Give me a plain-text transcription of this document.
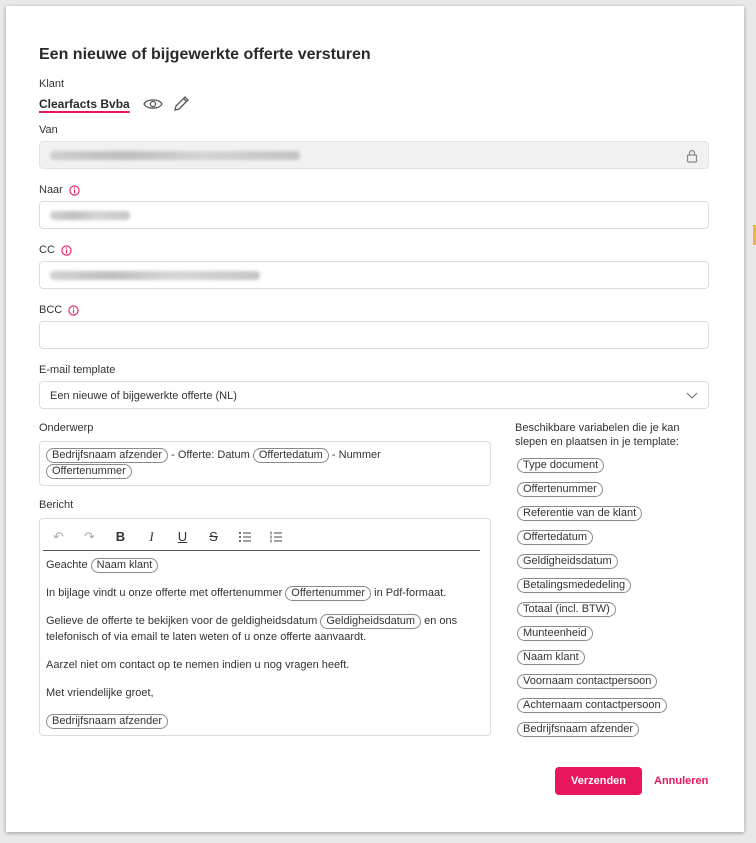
Een nieuwe of bijgewerkte offerte versturen
Klant
Clearfacts Bvba
Van
Naar
CC
BCC
E-mail template
Een nieuwe of bijgewerkte offerte (NL)
Onderwerp
Bedrijfsnaam afzender - Offerte: Datum Offertedatum - Nummer
Offertenummer
Bericht
↶	↷	B	I	U	S

Geachte Naam klant

In bijlage vindt u onze offerte met offertenummer Offertenummer in Pdf-formaat.

Gelieve de offerte te bekijken voor de geldigheidsdatum Geldigheidsdatum en ons telefonisch of via email te laten weten of u onze offerte aanvaardt.

Aarzel niet om contact op te nemen indien u nog vragen heeft.

Met vriendelijke groet,

Bedrijfsnaam afzender

Beschikbare variabelen die je kan slepen en plaatsen in je template:
Type document
Offertenummer
Referentie van de klant
Offertedatum
Geldigheidsdatum
Betalingsmededeling
Totaal (incl. BTW)
Munteenheid
Naam klant
Voornaam contactpersoon
Achternaam contactpersoon
Bedrijfsnaam afzender
Verzenden	Annuleren
